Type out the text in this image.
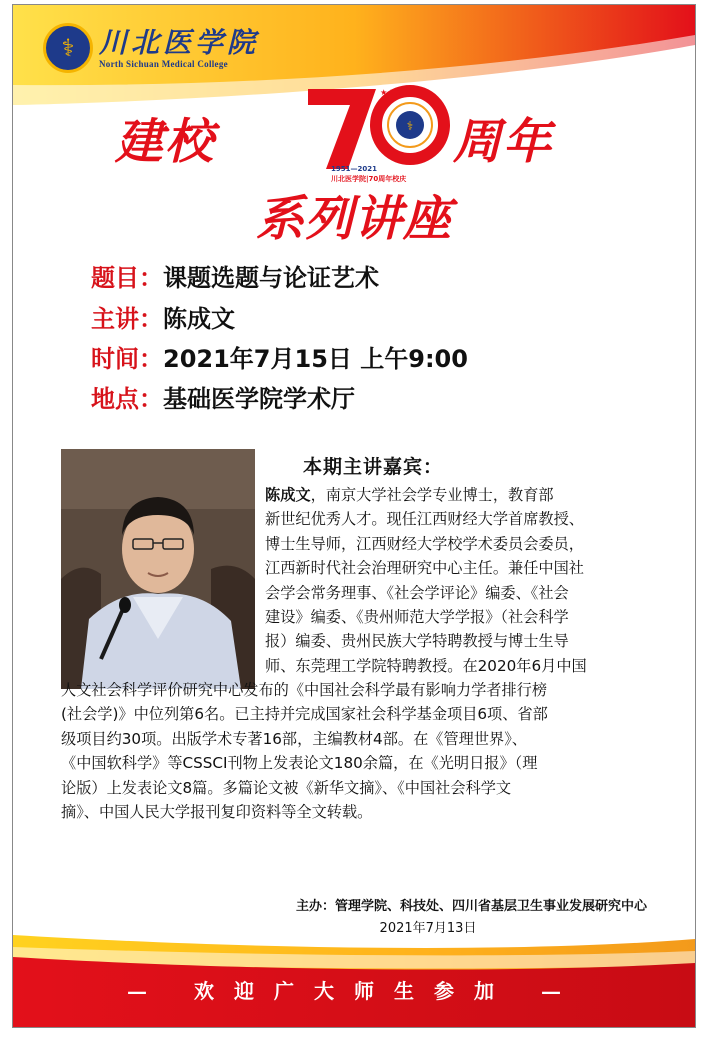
⚕ 川北医学院
North Sichuan Medical College
建校	⚕
★★★★★
周年
1951—2021
川北医学院|70周年校庆
系列讲座
题目：课题选题与论证艺术
主讲：陈成文
时间：2021年7月15日 上午9:00
地点：基础医学院学术厅
本期主讲嘉宾：
陈成文，南京大学社会学专业博士，教育部
新世纪优秀人才。现任江西财经大学首席教授、
博士生导师，江西财经大学校学术委员会委员，
江西新时代社会治理研究中心主任。兼任中国社
会学会常务理事、《社会学评论》编委、《社会
建设》编委、《贵州师范大学学报》（社会科学
报）编委、贵州民族大学特聘教授与博士生导
师、东莞理工学院特聘教授。在2020年6月中国
人文社会科学评价研究中心发布的《中国社会科学最有影响力学者排行榜
(社会学)》中位列第6名。已主持并完成国家社会科学基金项目6项、省部
级项目约30项。出版学术专著16部，主编教材4部。在《管理世界》、
《中国软科学》等CSSCI刊物上发表论文180余篇，在《光明日报》（理
论版）上发表论文8篇。多篇论文被《新华文摘》、《中国社会科学文
摘》、中国人民大学报刊复印资料等全文转载。
主办：管理学院、科技处、四川省基层卫生事业发展研究中心
2021年7月13日
— 欢迎广大师生参加 —
